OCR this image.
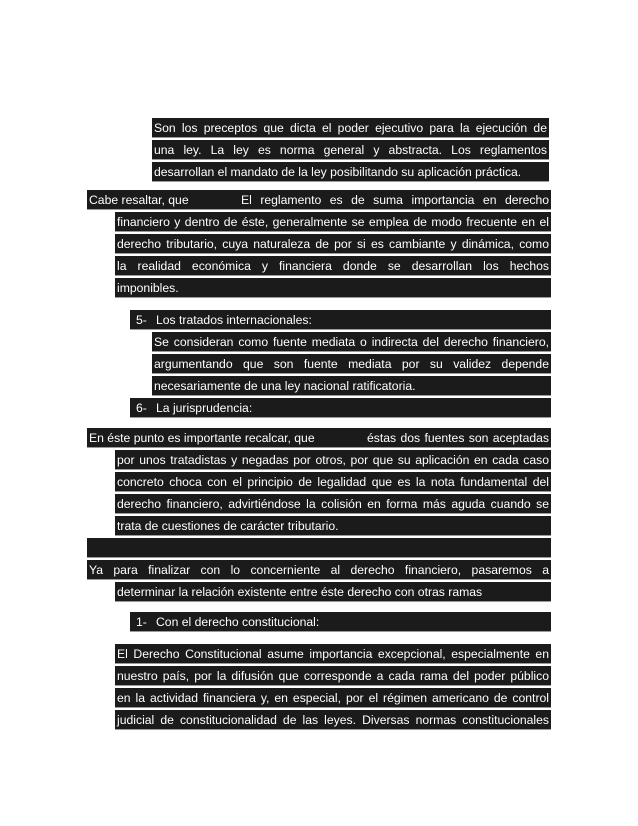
Son los preceptos que dicta el poder ejecutivo para la ejecución de
una ley. La ley es norma general y abstracta. Los reglamentos
desarrollan el mandato de la ley posibilitando su aplicación práctica.
Cabe resaltar, que	El reglamento es de suma importancia en derecho
financiero y dentro de éste, generalmente se emplea de modo frecuente en el
derecho tributario, cuya naturaleza de por si es cambiante y dinámica, como
la realidad económica y financiera donde se desarrollan los hechos
imponibles.
5- Los tratados internacionales:
Se consideran como fuente mediata o indirecta del derecho financiero,
argumentando que son fuente mediata por su validez depende
necesariamente de una ley nacional ratificatoria.
6- La jurisprudencia:
En éste punto es importante recalcar, que	éstas dos fuentes son aceptadas
por unos tratadistas y negadas por otros, por que su aplicación en cada caso
concreto choca con el principio de legalidad que es la nota fundamental del
derecho financiero, advirtiéndose la colisión en forma más aguda cuando se
trata de cuestiones de carácter tributario.
Ya para finalizar con lo concerniente al derecho financiero, pasaremos a
determinar la relación existente entre éste derecho con otras ramas
1- Con el derecho constitucional:
El Derecho Constitucional asume importancia excepcional, especialmente en
nuestro país, por la difusión que corresponde a cada rama del poder público
en la actividad financiera y, en especial, por el régimen americano de control
judicial de constitucionalidad de las leyes. Diversas normas constitucionales
